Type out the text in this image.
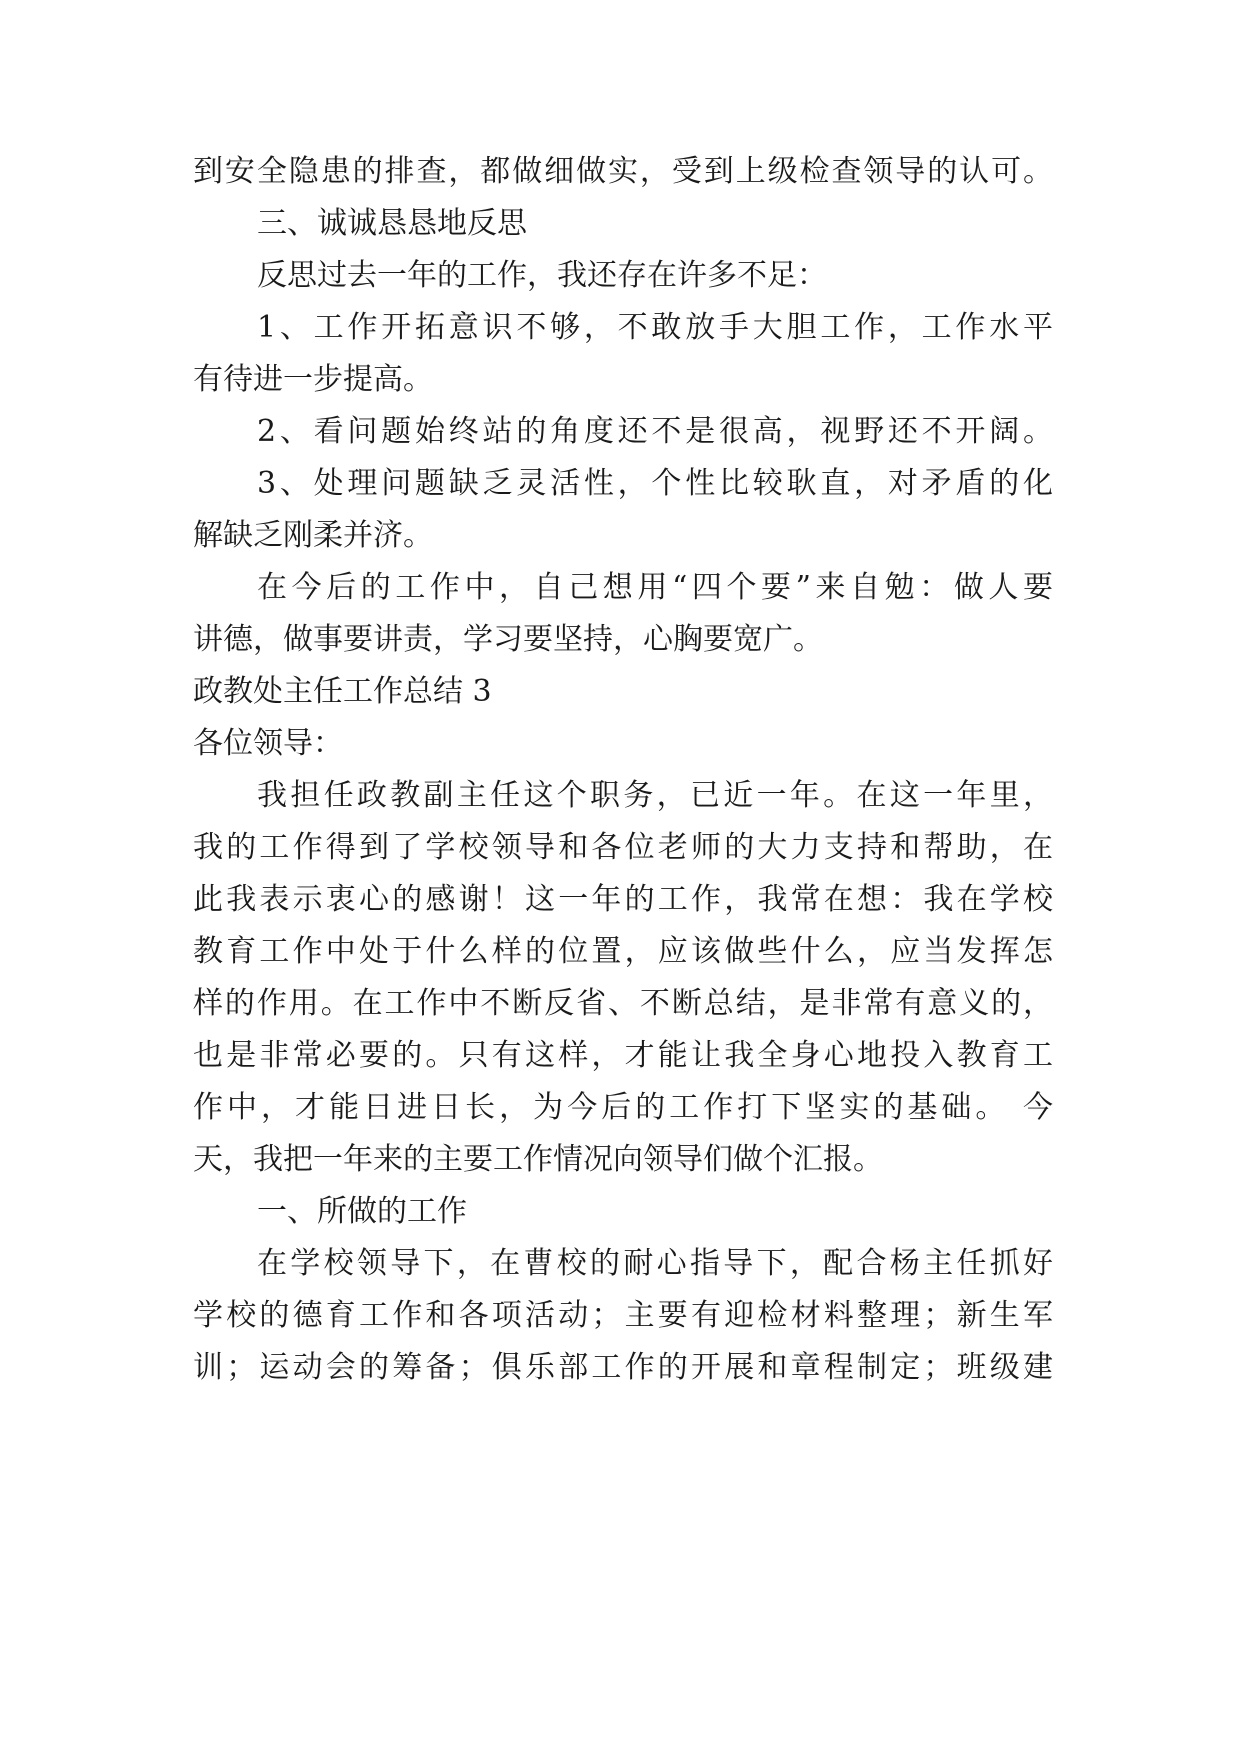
到安全隐患的排查，都做细做实，受到上级检查领导的认可。
三、诚诚恳恳地反思
反思过去一年的工作，我还存在许多不足：
1、工作开拓意识不够，不敢放手大胆工作，工作水平
有待进一步提高。
2、看问题始终站的角度还不是很高，视野还不开阔。
3、处理问题缺乏灵活性，个性比较耿直，对矛盾的化
解缺乏刚柔并济。
在今后的工作中，自己想用“四个要”来自勉：做人要
讲德，做事要讲责，学习要坚持，心胸要宽广。
政教处主任工作总结 3
各位领导：
我担任政教副主任这个职务，已近一年。在这一年里，
我的工作得到了学校领导和各位老师的大力支持和帮助，在
此我表示衷心的感谢！这一年的工作，我常在想：我在学校
教育工作中处于什么样的位置，应该做些什么，应当发挥怎
样的作用。在工作中不断反省、不断总结，是非常有意义的，
也是非常必要的。只有这样，才能让我全身心地投入教育工
作中，才能日进日长，为今后的工作打下坚实的基础。 今
天，我把一年来的主要工作情况向领导们做个汇报。
一、所做的工作
在学校领导下，在曹校的耐心指导下，配合杨主任抓好
学校的德育工作和各项活动；主要有迎检材料整理；新生军
训；运动会的筹备；俱乐部工作的开展和章程制定；班级建
